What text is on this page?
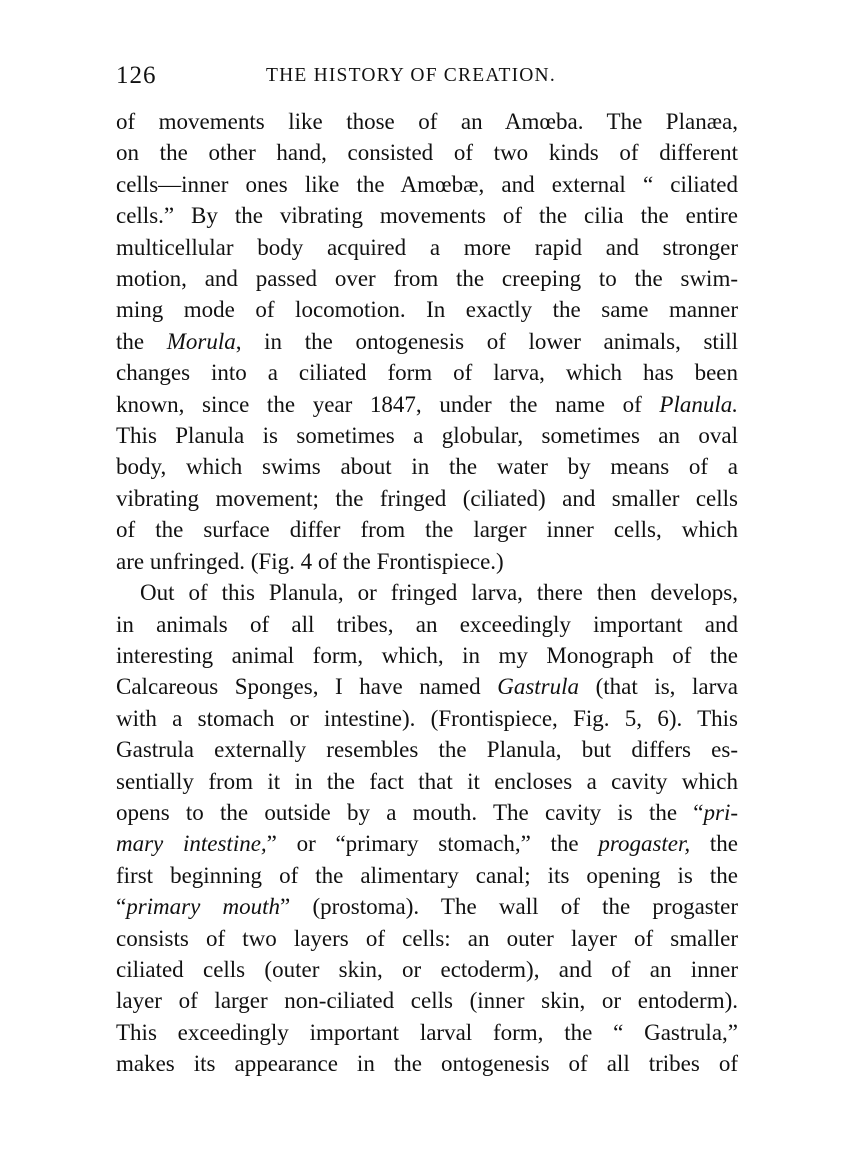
126	THE HISTORY OF CREATION.
of movements like those of an Amœba. The Planæa,
on the other hand, consisted of two kinds of different
cells—inner ones like the Amœbæ, and external “ ciliated
cells.” By the vibrating movements of the cilia the entire
multicellular body acquired a more rapid and stronger
motion, and passed over from the creeping to the swim-
ming mode of locomotion. In exactly the same manner
the Morula, in the ontogenesis of lower animals, still
changes into a ciliated form of larva, which has been
known, since the year 1847, under the name of Planula.
This Planula is sometimes a globular, sometimes an oval
body, which swims about in the water by means of a
vibrating movement; the fringed (ciliated) and smaller cells
of the surface differ from the larger inner cells, which
are unfringed. (Fig. 4 of the Frontispiece.)
Out of this Planula, or fringed larva, there then develops,
in animals of all tribes, an exceedingly important and
interesting animal form, which, in my Monograph of the
Calcareous Sponges, I have named Gastrula (that is, larva
with a stomach or intestine). (Frontispiece, Fig. 5, 6). This
Gastrula externally resembles the Planula, but differs es-
sentially from it in the fact that it encloses a cavity which
opens to the outside by a mouth. The cavity is the “pri-
mary intestine,” or “primary stomach,” the progaster, the
first beginning of the alimentary canal; its opening is the
“primary mouth” (prostoma). The wall of the progaster
consists of two layers of cells: an outer layer of smaller
ciliated cells (outer skin, or ectoderm), and of an inner
layer of larger non-ciliated cells (inner skin, or entoderm).
This exceedingly important larval form, the “ Gastrula,”
makes its appearance in the ontogenesis of all tribes of
